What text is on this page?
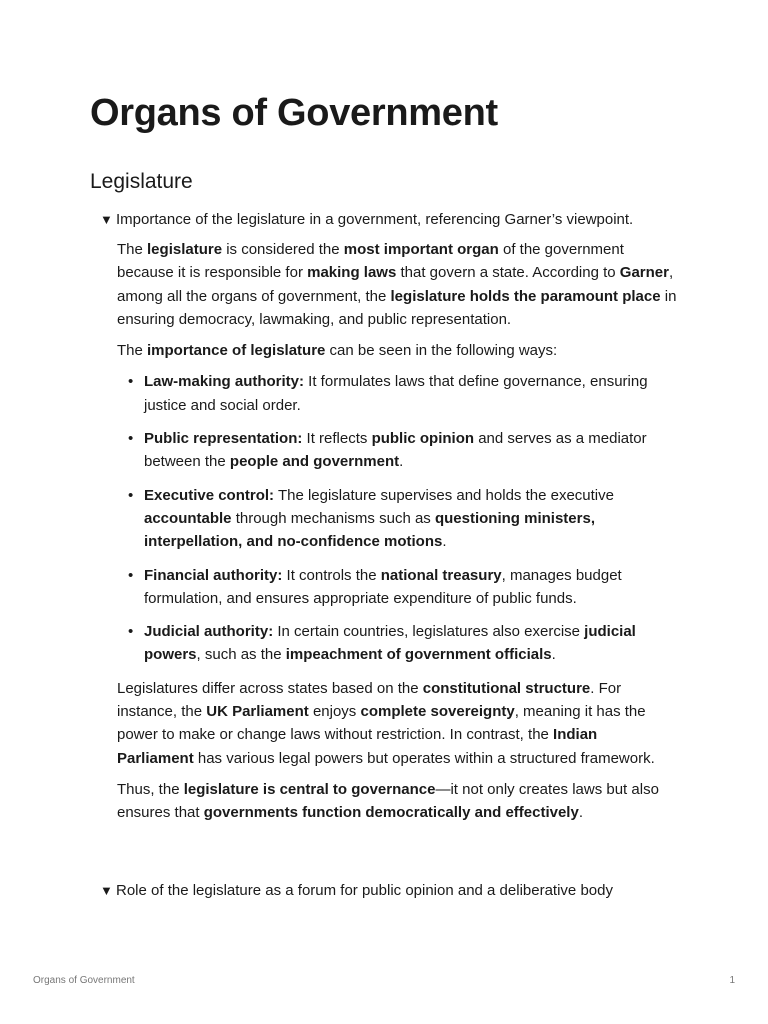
Organs of Government
Legislature
▼ Importance of the legislature in a government, referencing Garner’s viewpoint.

The legislature is considered the most important organ of the government because it is responsible for making laws that govern a state. According to Garner, among all the organs of government, the legislature holds the paramount place in ensuring democracy, lawmaking, and public representation.

The importance of legislature can be seen in the following ways:

• Law-making authority: It formulates laws that define governance, ensuring justice and social order.
• Public representation: It reflects public opinion and serves as a mediator between the people and government.
• Executive control: The legislature supervises and holds the executive accountable through mechanisms such as questioning ministers, interpellation, and no-confidence motions.
• Financial authority: It controls the national treasury, manages budget formulation, and ensures appropriate expenditure of public funds.
• Judicial authority: In certain countries, legislatures also exercise judicial powers, such as the impeachment of government officials.

Legislatures differ across states based on the constitutional structure. For instance, the UK Parliament enjoys complete sovereignty, meaning it has the power to make or change laws without restriction. In contrast, the Indian Parliament has various legal powers but operates within a structured framework.

Thus, the legislature is central to governance—it not only creates laws but also ensures that governments function democratically and effectively.

▼ Role of the legislature as a forum for public opinion and a deliberative body
Organs of Government	1
